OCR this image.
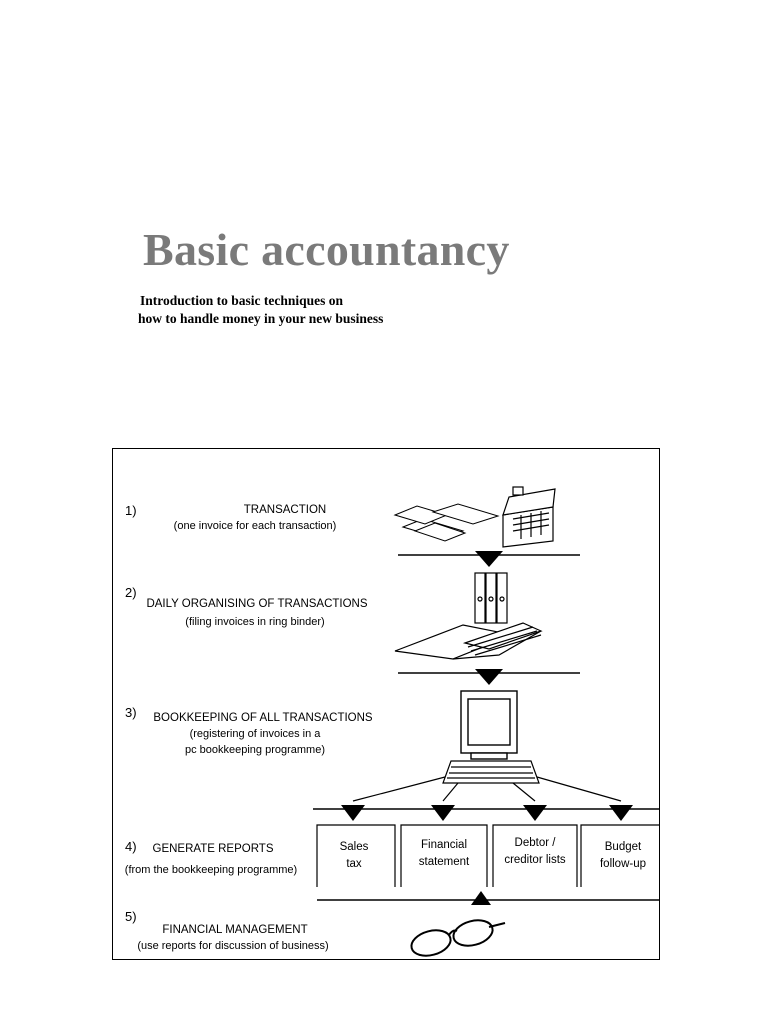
Basic accountancy
Introduction to basic techniques on
how to handle money in your new business
1)	TRANSACTION
(one invoice for each transaction)
2)
DAILY ORGANISING OF TRANSACTIONS
(filing invoices in ring binder)
3) BOOKKEEPING OF ALL TRANSACTIONS
(registering of invoices in a
pc bookkeeping programme)
4) GENERATE REPORTS
(from the bookkeeping programme)
Sales
tax
Financial
statement
Debtor /
creditor lists
Budget
follow-up
5)
FINANCIAL MANAGEMENT
(use reports for discussion of business)
